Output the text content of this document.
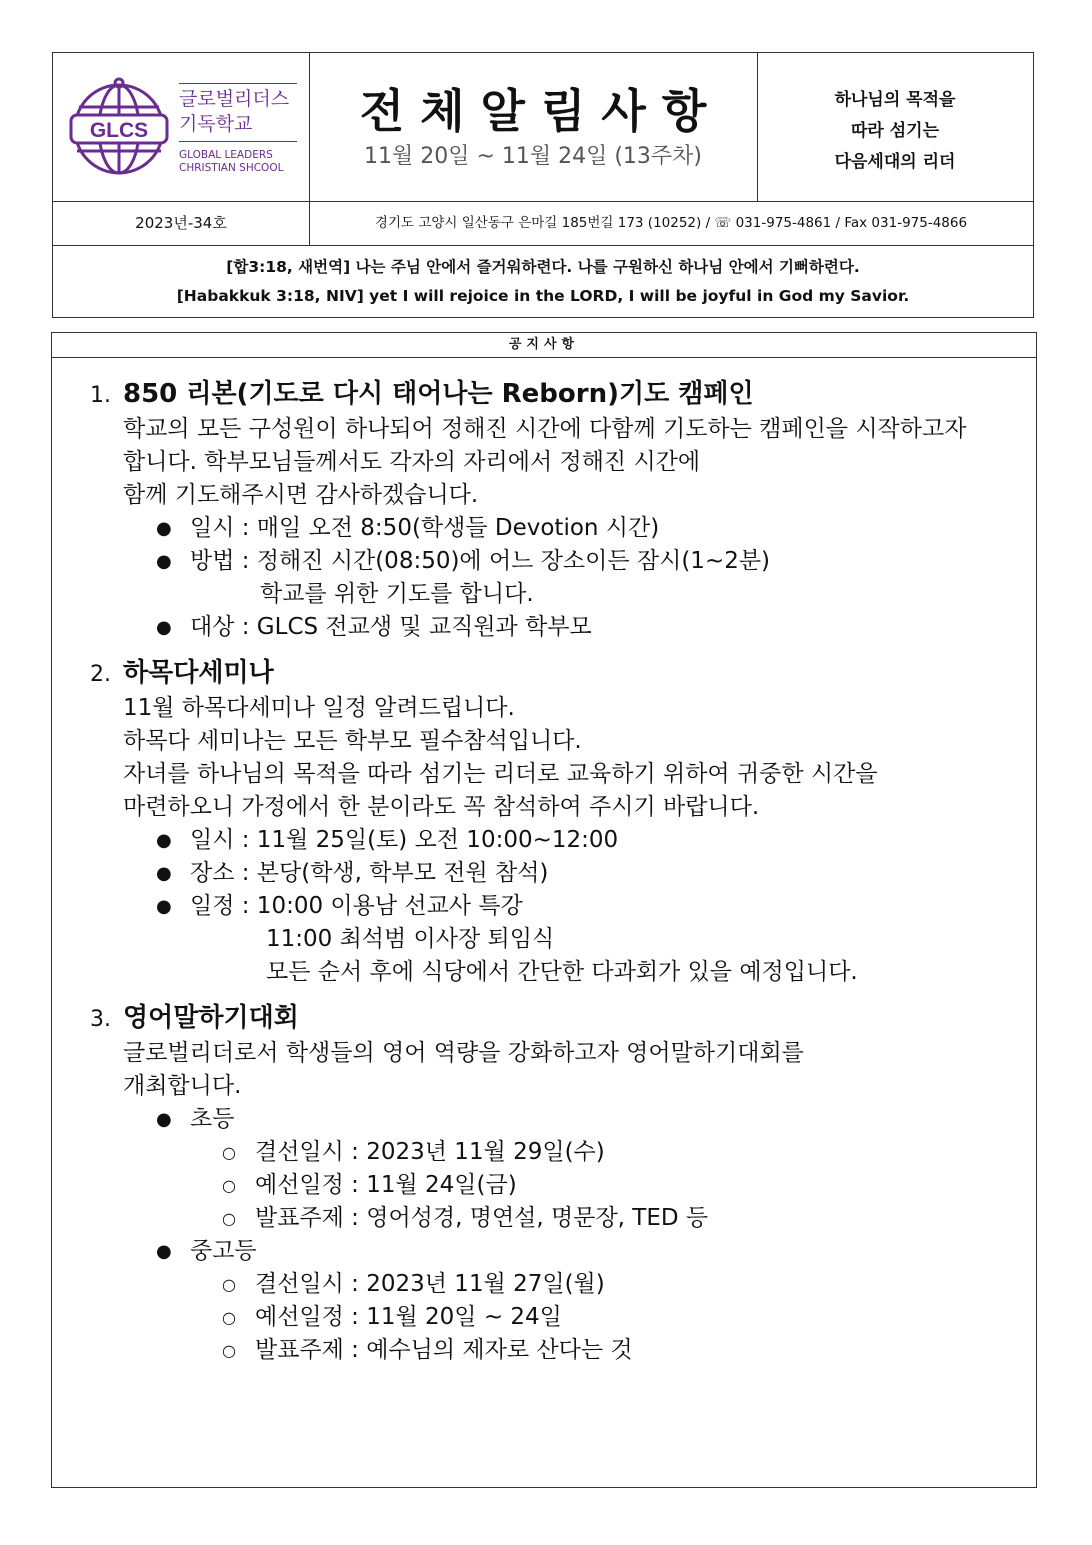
GLCS
글로벌리더스
기독학교
GLOBAL LEADERS
CHRISTIAN SHCOOL
전체알림사항
11월 20일 ~ 11월 24일 (13주차)
하나님의 목적을
따라 섬기는
다음세대의 리더
2023년-34호	경기도 고양시 일산동구 은마길 185번길 173 (10252) / ☏ 031-975-4861 / Fax 031-975-4866
[합3:18, 새번역] 나는 주님 안에서 즐거워하련다. 나를 구원하신 하나님 안에서 기뻐하련다.
[Habakkuk 3:18, NIV] yet I will rejoice in the LORD, I will be joyful in God my Savior.
공지사항
1. 850 리본(기도로 다시 태어나는 Reborn)기도 캠페인
학교의 모든 구성원이 하나되어 정해진 시간에 다함께 기도하는 캠페인을 시작하고자
합니다. 학부모님들께서도 각자의 자리에서 정해진 시간에
함께 기도해주시면 감사하겠습니다.
● 일시 : 매일 오전 8:50(학생들 Devotion 시간)
● 방법 : 정해진 시간(08:50)에 어느 장소이든 잠시(1~2분)
학교를 위한 기도를 합니다.
● 대상 : GLCS 전교생 및 교직원과 학부모
2. 하목다세미나
11월 하목다세미나 일정 알려드립니다.
하목다 세미나는 모든 학부모 필수참석입니다.
자녀를 하나님의 목적을 따라 섬기는 리더로 교육하기 위하여 귀중한 시간을
마련하오니 가정에서 한 분이라도 꼭 참석하여 주시기 바랍니다.
● 일시 : 11월 25일(토) 오전 10:00~12:00
● 장소 : 본당(학생, 학부모 전원 참석)
● 일정 : 10:00 이용남 선교사 특강
11:00 최석범 이사장 퇴임식
모든 순서 후에 식당에서 간단한 다과회가 있을 예정입니다.
3. 영어말하기대회
글로벌리더로서 학생들의 영어 역량을 강화하고자 영어말하기대회를
개최합니다.
● 초등
○ 결선일시 : 2023년 11월 29일(수)
○ 예선일정 : 11월 24일(금)
○ 발표주제 : 영어성경, 명연설, 명문장, TED 등
● 중고등
○ 결선일시 : 2023년 11월 27일(월)
○ 예선일정 : 11월 20일 ~ 24일
○ 발표주제 : 예수님의 제자로 산다는 것
